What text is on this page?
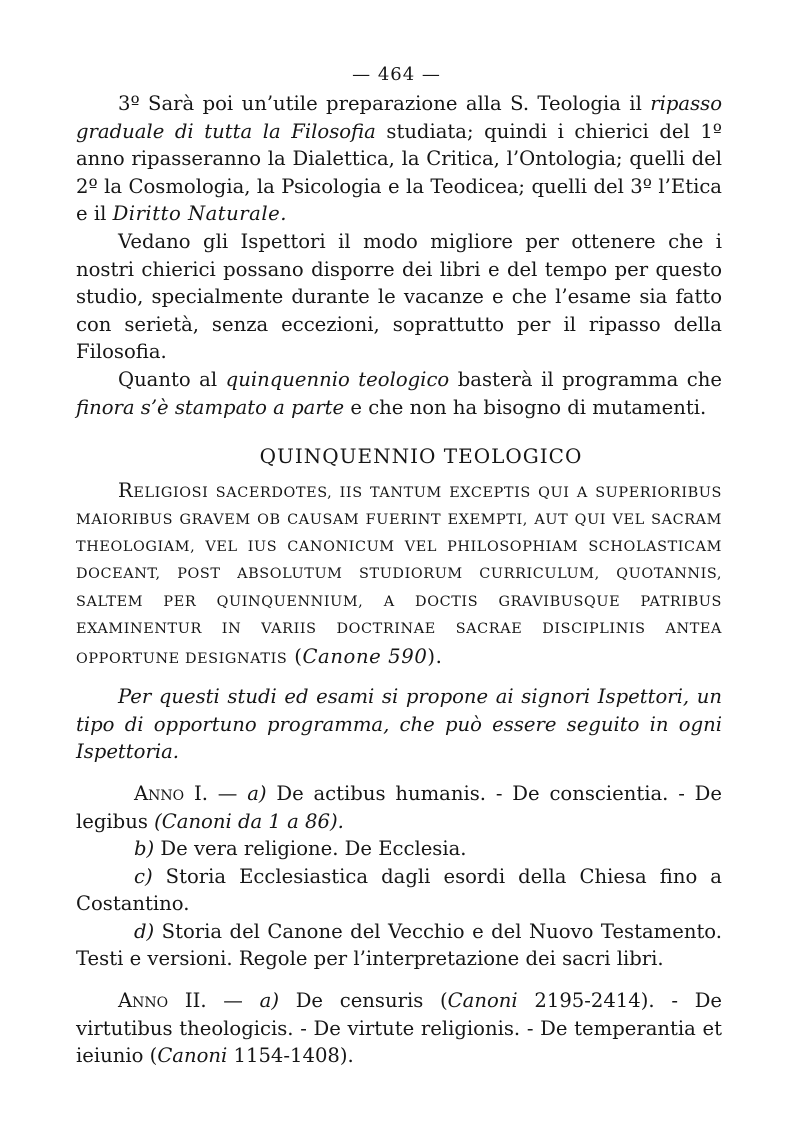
— 464 —

3º Sarà poi un’utile preparazione alla S. Teologia il ripasso graduale di tutta la Filosofia studiata; quindi i chierici del 1º anno ripasseranno la Dialettica, la Critica, l’Ontologia; quelli del 2º la Cosmologia, la Psicologia e la Teodicea; quelli del 3º l’Etica e il Diritto Naturale.

Vedano gli Ispettori il modo migliore per ottenere che i nostri chierici possano disporre dei libri e del tempo per questo studio, specialmente durante le vacanze e che l’esame sia fatto con serietà, senza eccezioni, soprattutto per il ripasso della Filosofia.

Quanto al quinquennio teologico basterà il programma che finora s’è stampato a parte e che non ha bisogno di mutamenti.

QUINQUENNIO TEOLOGICO

RELIGIOSI SACERDOTES, IIS TANTUM EXCEPTIS QUI A SUPERIORIBUS MAIORIBUS GRAVEM OB CAUSAM FUERINT EXEMPTI, AUT QUI VEL SACRAM THEOLOGIAM, VEL IUS CANONICUM VEL PHILOSOPHIAM SCHOLASTICAM DOCEANT, POST ABSOLUTUM STUDIORUM CURRICULUM, QUOTANNIS, SALTEM PER QUINQUENNIUM, A DOCTIS GRAVIBUSQUE PATRIBUS EXAMINENTUR IN VARIIS DOCTRINAE SACRAE DISCIPLINIS ANTEA OPPORTUNE DESIGNATIS (Canone 590).

Per questi studi ed esami si propone ai signori Ispettori, un tipo di opportuno programma, che può essere seguito in ogni Ispettoria.

Anno I. — a) De actibus humanis. - De conscientia. - De legibus (Canoni da 1 a 86).

b) De vera religione. De Ecclesia.

c) Storia Ecclesiastica dagli esordi della Chiesa fino a Costantino.

d) Storia del Canone del Vecchio e del Nuovo Testamento. Testi e versioni. Regole per l’interpretazione dei sacri libri.

Anno II. — a) De censuris (Canoni 2195-2414). - De virtutibus theologicis. - De virtute religionis. - De temperantia et ieiunio (Canoni 1154-1408).
